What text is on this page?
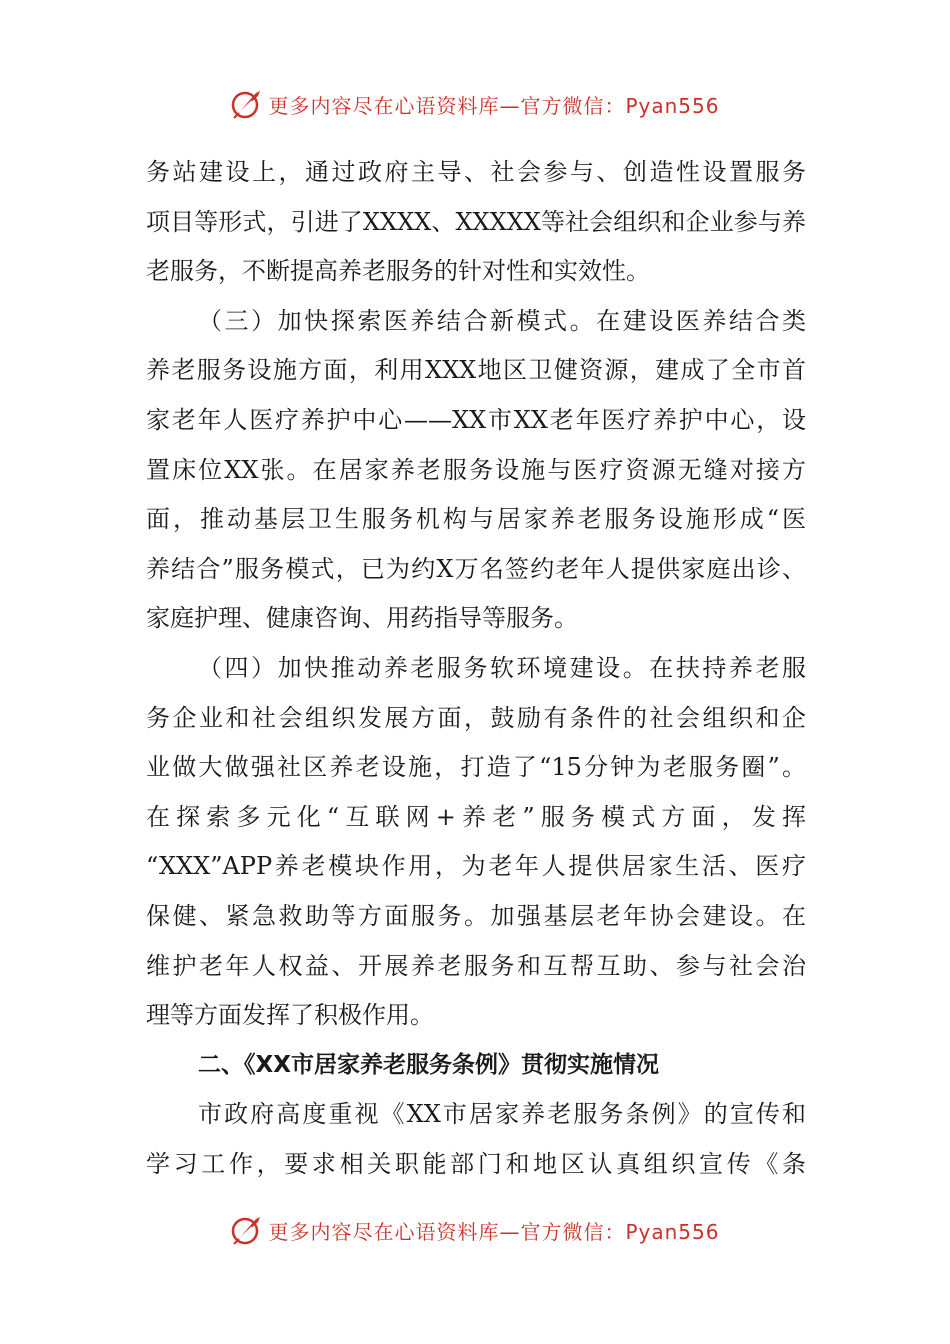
更多内容尽在心语资料库—官方微信：Pyan556
务站建设上，通过政府主导、社会参与、创造性设置服务
项目等形式，引进了XXXX、XXXXX等社会组织和企业参与养
老服务，不断提高养老服务的针对性和实效性。
（三）加快探索医养结合新模式。在建设医养结合类
养老服务设施方面，利用XXX地区卫健资源，建成了全市首
家老年人医疗养护中心——XX市XX老年医疗养护中心，设
置床位XX张。在居家养老服务设施与医疗资源无缝对接方
面，推动基层卫生服务机构与居家养老服务设施形成“医
养结合”服务模式，已为约X万名签约老年人提供家庭出诊、
家庭护理、健康咨询、用药指导等服务。
（四）加快推动养老服务软环境建设。在扶持养老服
务企业和社会组织发展方面，鼓励有条件的社会组织和企
业做大做强社区养老设施，打造了“15分钟为老服务圈”。
在探索多元化“互联网+养老”服务模式方面，发挥
“XXX”APP养老模块作用，为老年人提供居家生活、医疗
保健、紧急救助等方面服务。加强基层老年协会建设。在
维护老年人权益、开展养老服务和互帮互助、参与社会治
理等方面发挥了积极作用。
二、《XX市居家养老服务条例》贯彻实施情况
市政府高度重视《XX市居家养老服务条例》的宣传和
学习工作，要求相关职能部门和地区认真组织宣传《条
更多内容尽在心语资料库—官方微信：Pyan556
